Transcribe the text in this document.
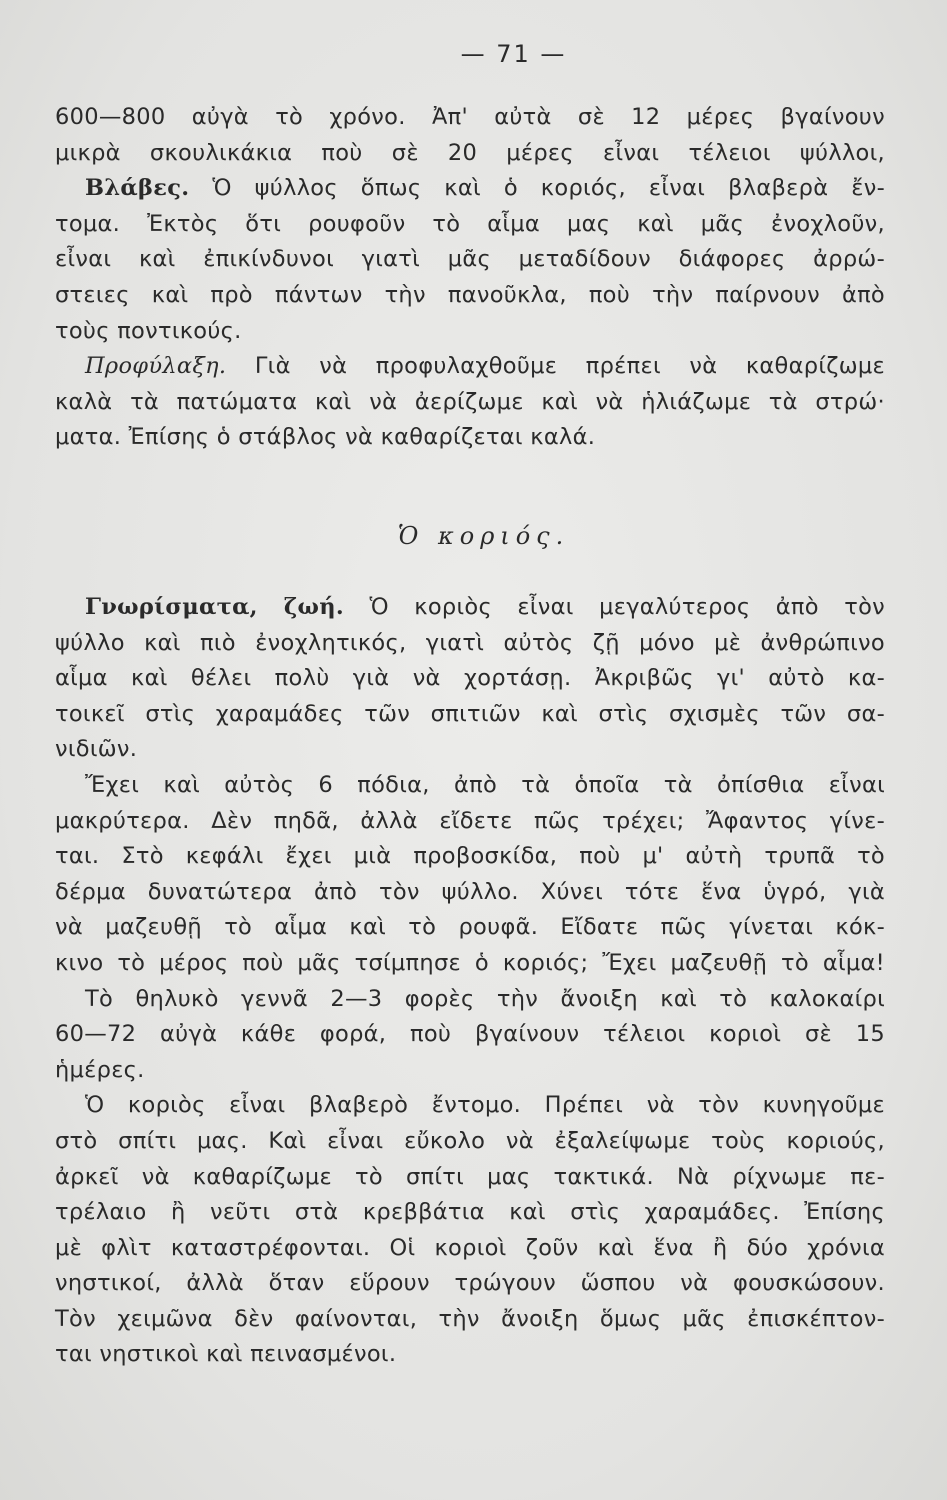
— 71 —
600—800 αὐγὰ τὸ χρόνο. Ἀπ' αὐτὰ σὲ 12 μέρες βγαίνουν
μικρὰ σκουλικάκια ποὺ σὲ 20 μέρες εἶναι τέλειοι ψύλλοι,
Βλάβες. Ὁ ψύλλος ὅπως καὶ ὁ κοριός, εἶναι βλαβερὰ ἔν-
τομα. Ἐκτὸς ὅτι ρουφοῦν τὸ αἷμα μας καὶ μᾶς ἐνοχλοῦν,
εἶναι καὶ ἐπικίνδυνοι γιατὶ μᾶς μεταδίδουν διάφορες ἀρρώ-
στειες καὶ πρὸ πάντων τὴν πανοῦκλα, ποὺ τὴν παίρνουν ἀπὸ
τοὺς ποντικούς.
Προφύλαξη. Γιὰ νὰ προφυλαχθοῦμε πρέπει νὰ καθαρίζωμε
καλὰ τὰ πατώματα καὶ νὰ ἀερίζωμε καὶ νὰ ἡλιάζωμε τὰ στρώ·
ματα. Ἐπίσης ὁ στάβλος νὰ καθαρίζεται καλά.
Ὁ κοριός.
Γνωρίσματα, ζωή. Ὁ κοριὸς εἶναι μεγαλύτερος ἀπὸ τὸν
ψύλλο καὶ πιὸ ἐνοχλητικός, γιατὶ αὐτὸς ζῇ μόνο μὲ ἀνθρώπινο
αἷμα καὶ θέλει πολὺ γιὰ νὰ χορτάσῃ. Ἀκριβῶς γι' αὐτὸ κα-
τοικεῖ στὶς χαραμάδες τῶν σπιτιῶν καὶ στὶς σχισμὲς τῶν σα-
νιδιῶν.
Ἔχει καὶ αὐτὸς 6 πόδια, ἀπὸ τὰ ὁποῖα τὰ ὀπίσθια εἶναι
μακρύτερα. Δὲν πηδᾶ, ἀλλὰ εἴδετε πῶς τρέχει; Ἄφαντος γίνε-
ται. Στὸ κεφάλι ἔχει μιὰ προβοσκίδα, ποὺ μ' αὐτὴ τρυπᾶ τὸ
δέρμα δυνατώτερα ἀπὸ τὸν ψύλλο. Χύνει τότε ἕνα ὑγρό, γιὰ
νὰ μαζευθῇ τὸ αἷμα καὶ τὸ ρουφᾶ. Εἴδατε πῶς γίνεται κόκ-
κινο τὸ μέρος ποὺ μᾶς τσίμπησε ὁ κοριός; Ἔχει μαζευθῇ τὸ αἷμα!
Τὸ θηλυκὸ γεννᾶ 2—3 φορὲς τὴν ἄνοιξη καὶ τὸ καλοκαίρι
60—72 αὐγὰ κάθε φορά, ποὺ βγαίνουν τέλειοι κοριοὶ σὲ 15
ἡμέρες.
Ὁ κοριὸς εἶναι βλαβερὸ ἔντομο. Πρέπει νὰ τὸν κυνηγοῦμε
στὸ σπίτι μας. Καὶ εἶναι εὔκολο νὰ ἐξαλείψωμε τοὺς κοριούς,
ἀρκεῖ νὰ καθαρίζωμε τὸ σπίτι μας τακτικά. Νὰ ρίχνωμε πε-
τρέλαιο ἢ νεῦτι στὰ κρεββάτια καὶ στὶς χαραμάδες. Ἐπίσης
μὲ φλὶτ καταστρέφονται. Οἱ κοριοὶ ζοῦν καὶ ἕνα ἢ δύο χρόνια
νηστικοί, ἀλλὰ ὅταν εὕρουν τρώγουν ὥσπου νὰ φουσκώσουν.
Τὸν χειμῶνα δὲν φαίνονται, τὴν ἄνοιξη ὅμως μᾶς ἐπισκέπτον-
ται νηστικοὶ καὶ πεινασμένοι.
